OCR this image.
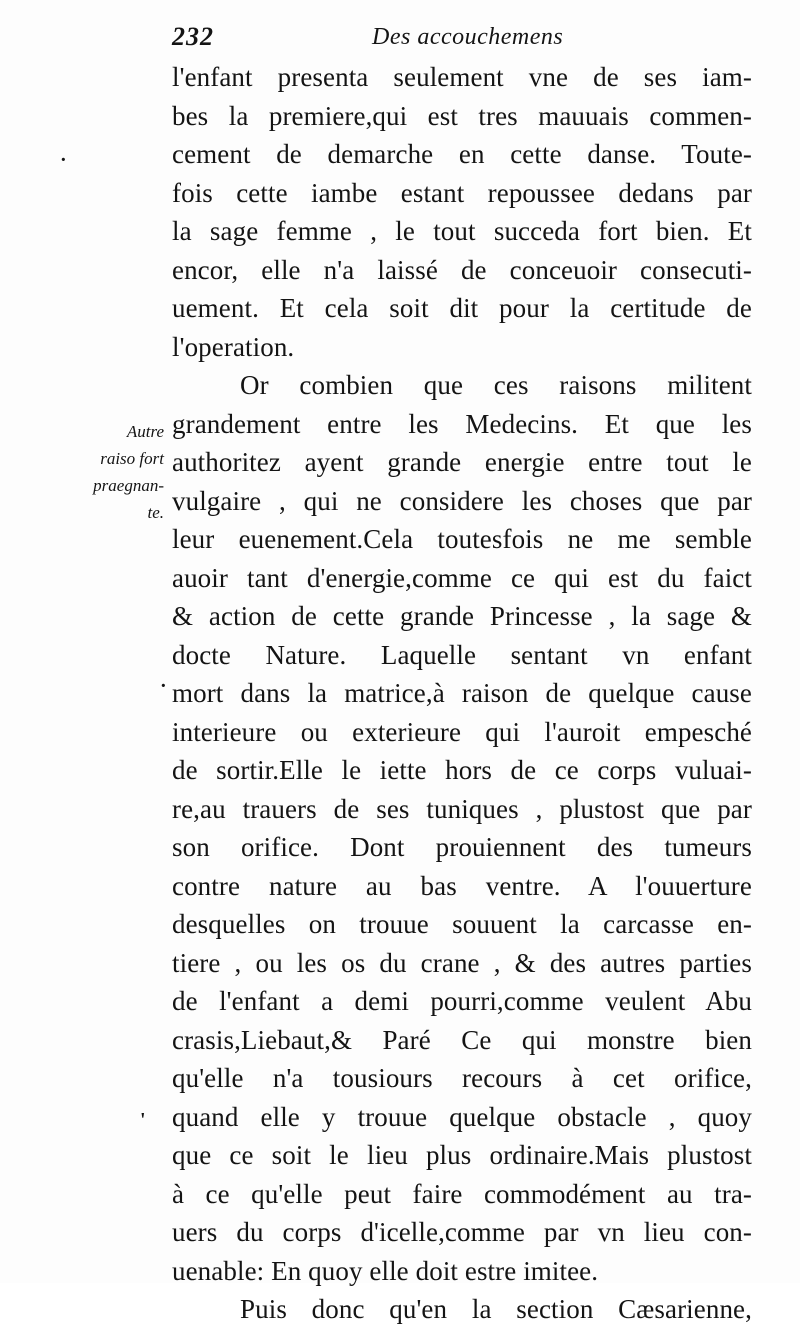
232	Des accouchemens
Autre
raiso fort
praegnan-
te.
·
·
'
l'enfant presenta seulement vne de ses iam-
bes la premiere,qui est tres mauuais commen-
cement de demarche en cette danse. Toute-
fois cette iambe estant repoussee dedans par
la sage femme , le tout succeda fort bien. Et
encor, elle n'a laissé de conceuoir consecuti-
uement. Et cela soit dit pour la certitude de
l'operation.
Or combien que ces raisons militent
grandement entre les Medecins. Et que les
authoritez ayent grande energie entre tout le
vulgaire , qui ne considere les choses que par
leur euenement.Cela toutesfois ne me semble
auoir tant d'energie,comme ce qui est du faict
& action de cette grande Princesse , la sage &
docte Nature. Laquelle sentant vn enfant
mort dans la matrice,à raison de quelque cause
interieure ou exterieure qui l'auroit empesché
de sortir.Elle le iette hors de ce corps vuluai-
re,au trauers de ses tuniques , plustost que par
son orifice. Dont prouiennent des tumeurs
contre nature au bas ventre. A l'ouuerture
desquelles on trouue souuent la carcasse en-
tiere , ou les os du crane , & des autres parties
de l'enfant a demi pourri,comme veulent Abu
crasis,Liebaut,& Paré Ce qui monstre bien
qu'elle n'a tousiours recours à cet orifice,
quand elle y trouue quelque obstacle , quoy
que ce soit le lieu plus ordinaire.Mais plustost
à ce qu'elle peut faire commodément au tra-
uers du corps d'icelle,comme par vn lieu con-
uenable: En quoy elle doit estre imitee.
Puis donc qu'en la section Cæsarienne,
